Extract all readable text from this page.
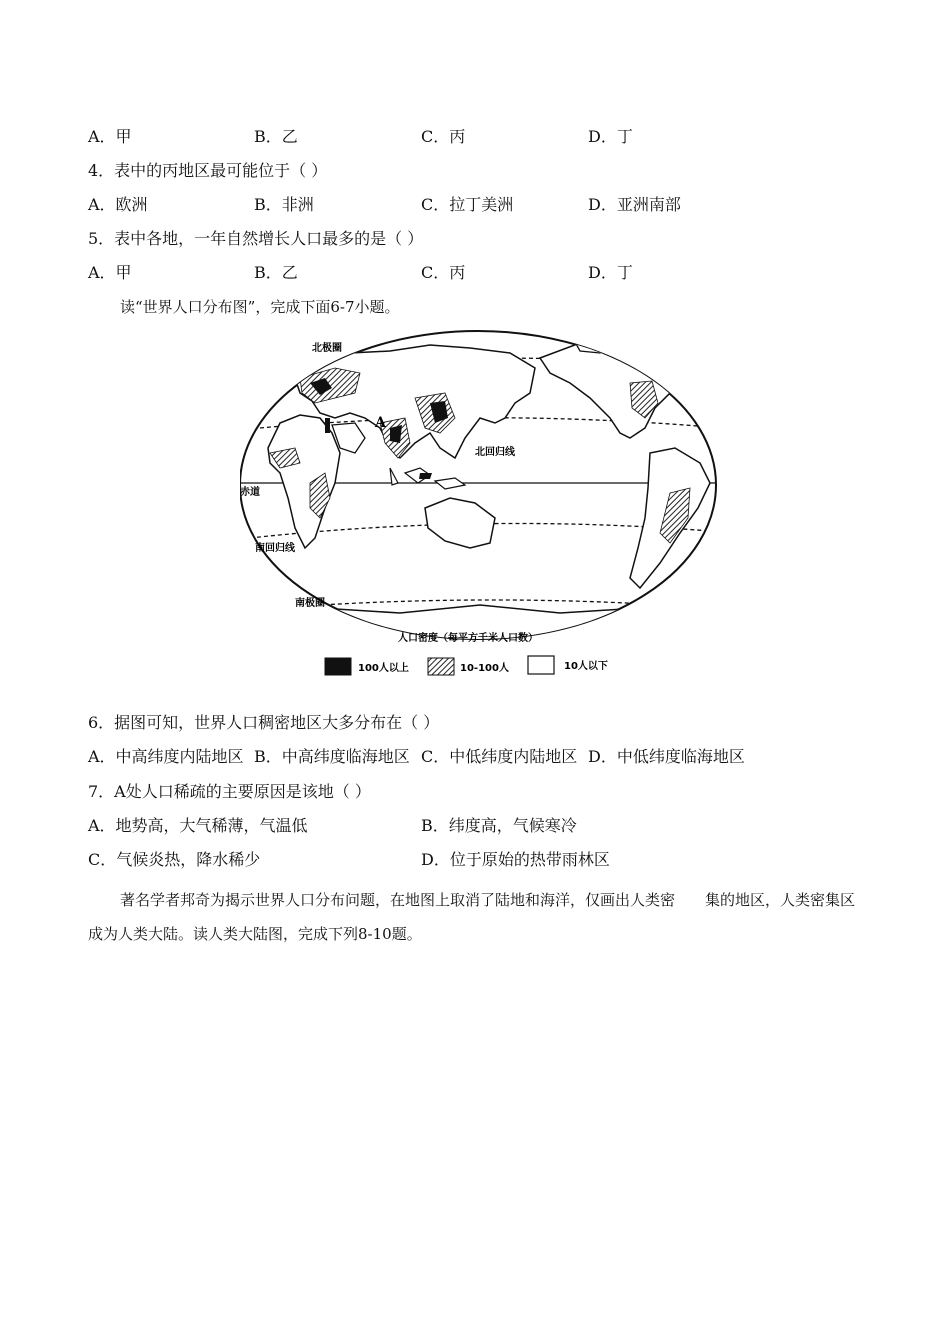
A．甲	B．乙	C．丙	D．丁
4．表中的丙地区最可能位于（ ）
A．欧洲	B．非洲	C．拉丁美洲	D．亚洲南部
5．表中各地，一年自然增长人口最多的是（ ）
A．甲	B．乙	C．丙	D．丁
读“世界人口分布图”，完成下面6-7小题。
北极圈
北回归线
赤道
南回归线
南极圈
A
人口密度（每平方千米人口数）
100人以上	10-100人	10人以下
6．据图可知，世界人口稠密地区大多分布在（ ）
A．中高纬度内陆地区 B．中高纬度临海地区 C．中低纬度内陆地区 D．中低纬度临海地区
7．A处人口稀疏的主要原因是该地（ ）
A．地势高，大气稀薄，气温低	B．纬度高，气候寒冷
C．气候炎热，降水稀少	D．位于原始的热带雨林区
著名学者邦奇为揭示世界人口分布问题，在地图上取消了陆地和海洋，仅画出人类密　　集的地区，人类密集区成为人类大陆。读人类大陆图，完成下列8-10题。
